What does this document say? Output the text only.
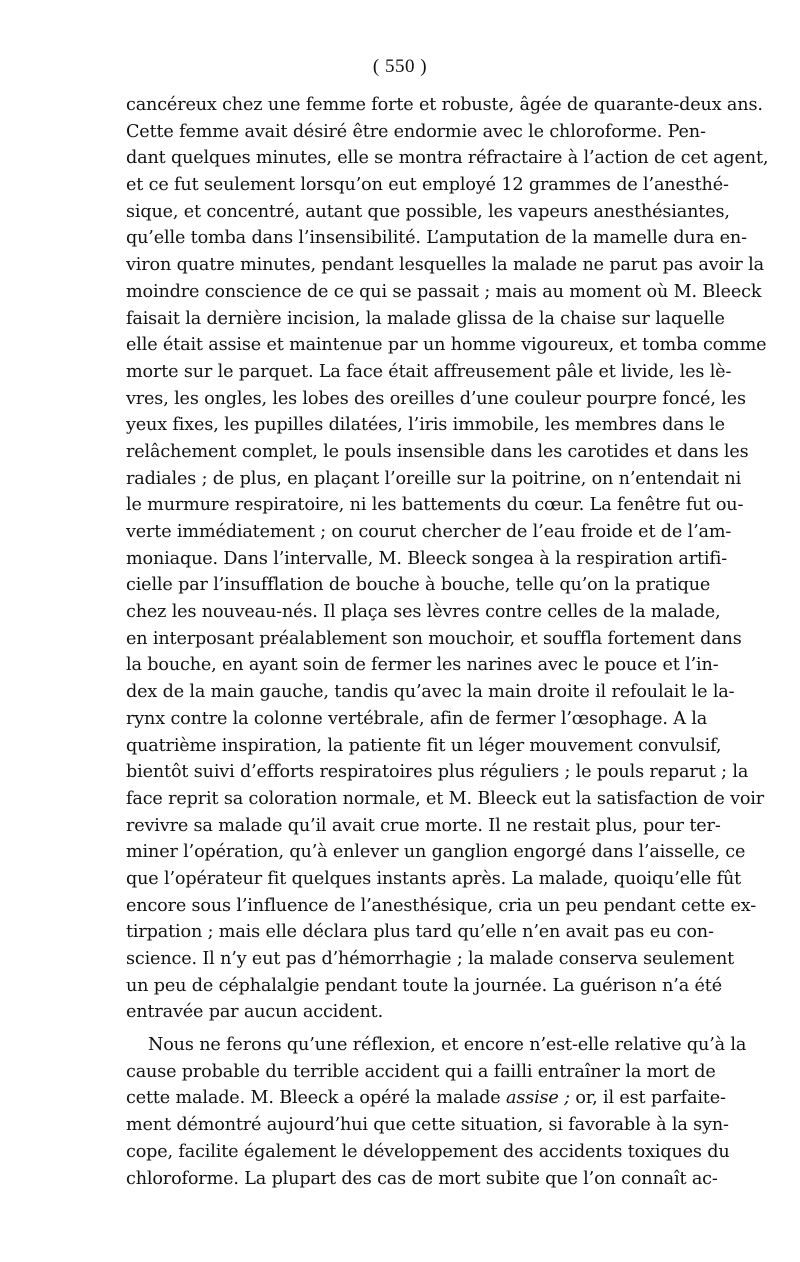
( 550 )
cancéreux chez une femme forte et robuste, âgée de quarante-deux ans.
Cette femme avait désiré être endormie avec le chloroforme. Pen-
dant quelques minutes, elle se montra réfractaire à l’action de cet agent,
et ce fut seulement lorsqu’on eut employé 12 grammes de l’anesthé-
sique, et concentré, autant que possible, les vapeurs anesthésiantes,
qu’elle tomba dans l’insensibilité. L’amputation de la mamelle dura en-
viron quatre minutes, pendant lesquelles la malade ne parut pas avoir la
moindre conscience de ce qui se passait ; mais au moment où M. Bleeck
faisait la dernière incision, la malade glissa de la chaise sur laquelle
elle était assise et maintenue par un homme vigoureux, et tomba comme
morte sur le parquet. La face était affreusement pâle et livide, les lè-
vres, les ongles, les lobes des oreilles d’une couleur pourpre foncé, les
yeux fixes, les pupilles dilatées, l’iris immobile, les membres dans le
relâchement complet, le pouls insensible dans les carotides et dans les
radiales ; de plus, en plaçant l’oreille sur la poitrine, on n’entendait ni
le murmure respiratoire, ni les battements du cœur. La fenêtre fut ou-
verte immédiatement ; on courut chercher de l’eau froide et de l’am-
moniaque. Dans l’intervalle, M. Bleeck songea à la respiration artifi-
cielle par l’insufflation de bouche à bouche, telle qu’on la pratique
chez les nouveau-nés. Il plaça ses lèvres contre celles de la malade,
en interposant préalablement son mouchoir, et souffla fortement dans
la bouche, en ayant soin de fermer les narines avec le pouce et l’in-
dex de la main gauche, tandis qu’avec la main droite il refoulait le la-
rynx contre la colonne vertébrale, afin de fermer l’œsophage. A la
quatrième inspiration, la patiente fit un léger mouvement convulsif,
bientôt suivi d’efforts respiratoires plus réguliers ; le pouls reparut ; la
face reprit sa coloration normale, et M. Bleeck eut la satisfaction de voir
revivre sa malade qu’il avait crue morte. Il ne restait plus, pour ter-
miner l’opération, qu’à enlever un ganglion engorgé dans l’aisselle, ce
que l’opérateur fit quelques instants après. La malade, quoiqu’elle fût
encore sous l’influence de l’anesthésique, cria un peu pendant cette ex-
tirpation ; mais elle déclara plus tard qu’elle n’en avait pas eu con-
science. Il n’y eut pas d’hémorrhagie ; la malade conserva seulement
un peu de céphalalgie pendant toute la journée. La guérison n’a été
entravée par aucun accident.
Nous ne ferons qu’une réflexion, et encore n’est-elle relative qu’à la
cause probable du terrible accident qui a failli entraîner la mort de
cette malade. M. Bleeck a opéré la malade assise ; or, il est parfaite-
ment démontré aujourd’hui que cette situation, si favorable à la syn-
cope, facilite également le développement des accidents toxiques du
chloroforme. La plupart des cas de mort subite que l’on connaît ac-
